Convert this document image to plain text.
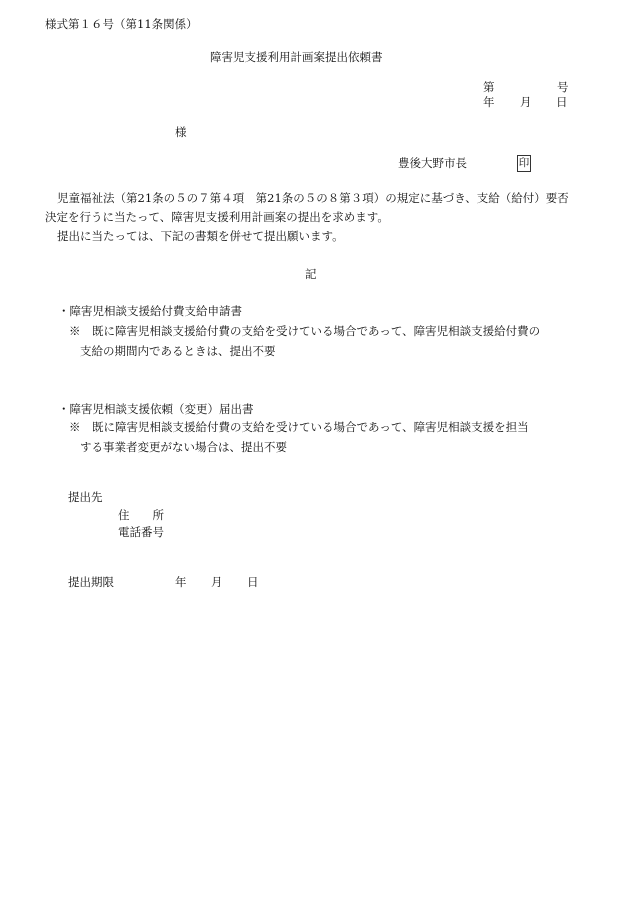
様式第１６号（第11条関係）
障害児支援利用計画案提出依頼書
第	号
年 月 日
様
豊後大野市長	印
児童福祉法（第21条の５の７第４項　第21条の５の８第３項）の規定に基づき、支給（給付）要否
決定を行うに当たって、障害児支援利用計画案の提出を求めます。
提出に当たっては、下記の書類を併せて提出願います。
記
・障害児相談支援給付費支給申請書
※　既に障害児相談支援給付費の支給を受けている場合であって、障害児相談支援給付費の
支給の期間内であるときは、提出不要
・障害児相談支援依頼（変更）届出書
※　既に障害児相談支援給付費の支給を受けている場合であって、障害児相談支援を担当
する事業者変更がない場合は、提出不要
提出先
住　　所
電話番号
提出期限	年 月 日
